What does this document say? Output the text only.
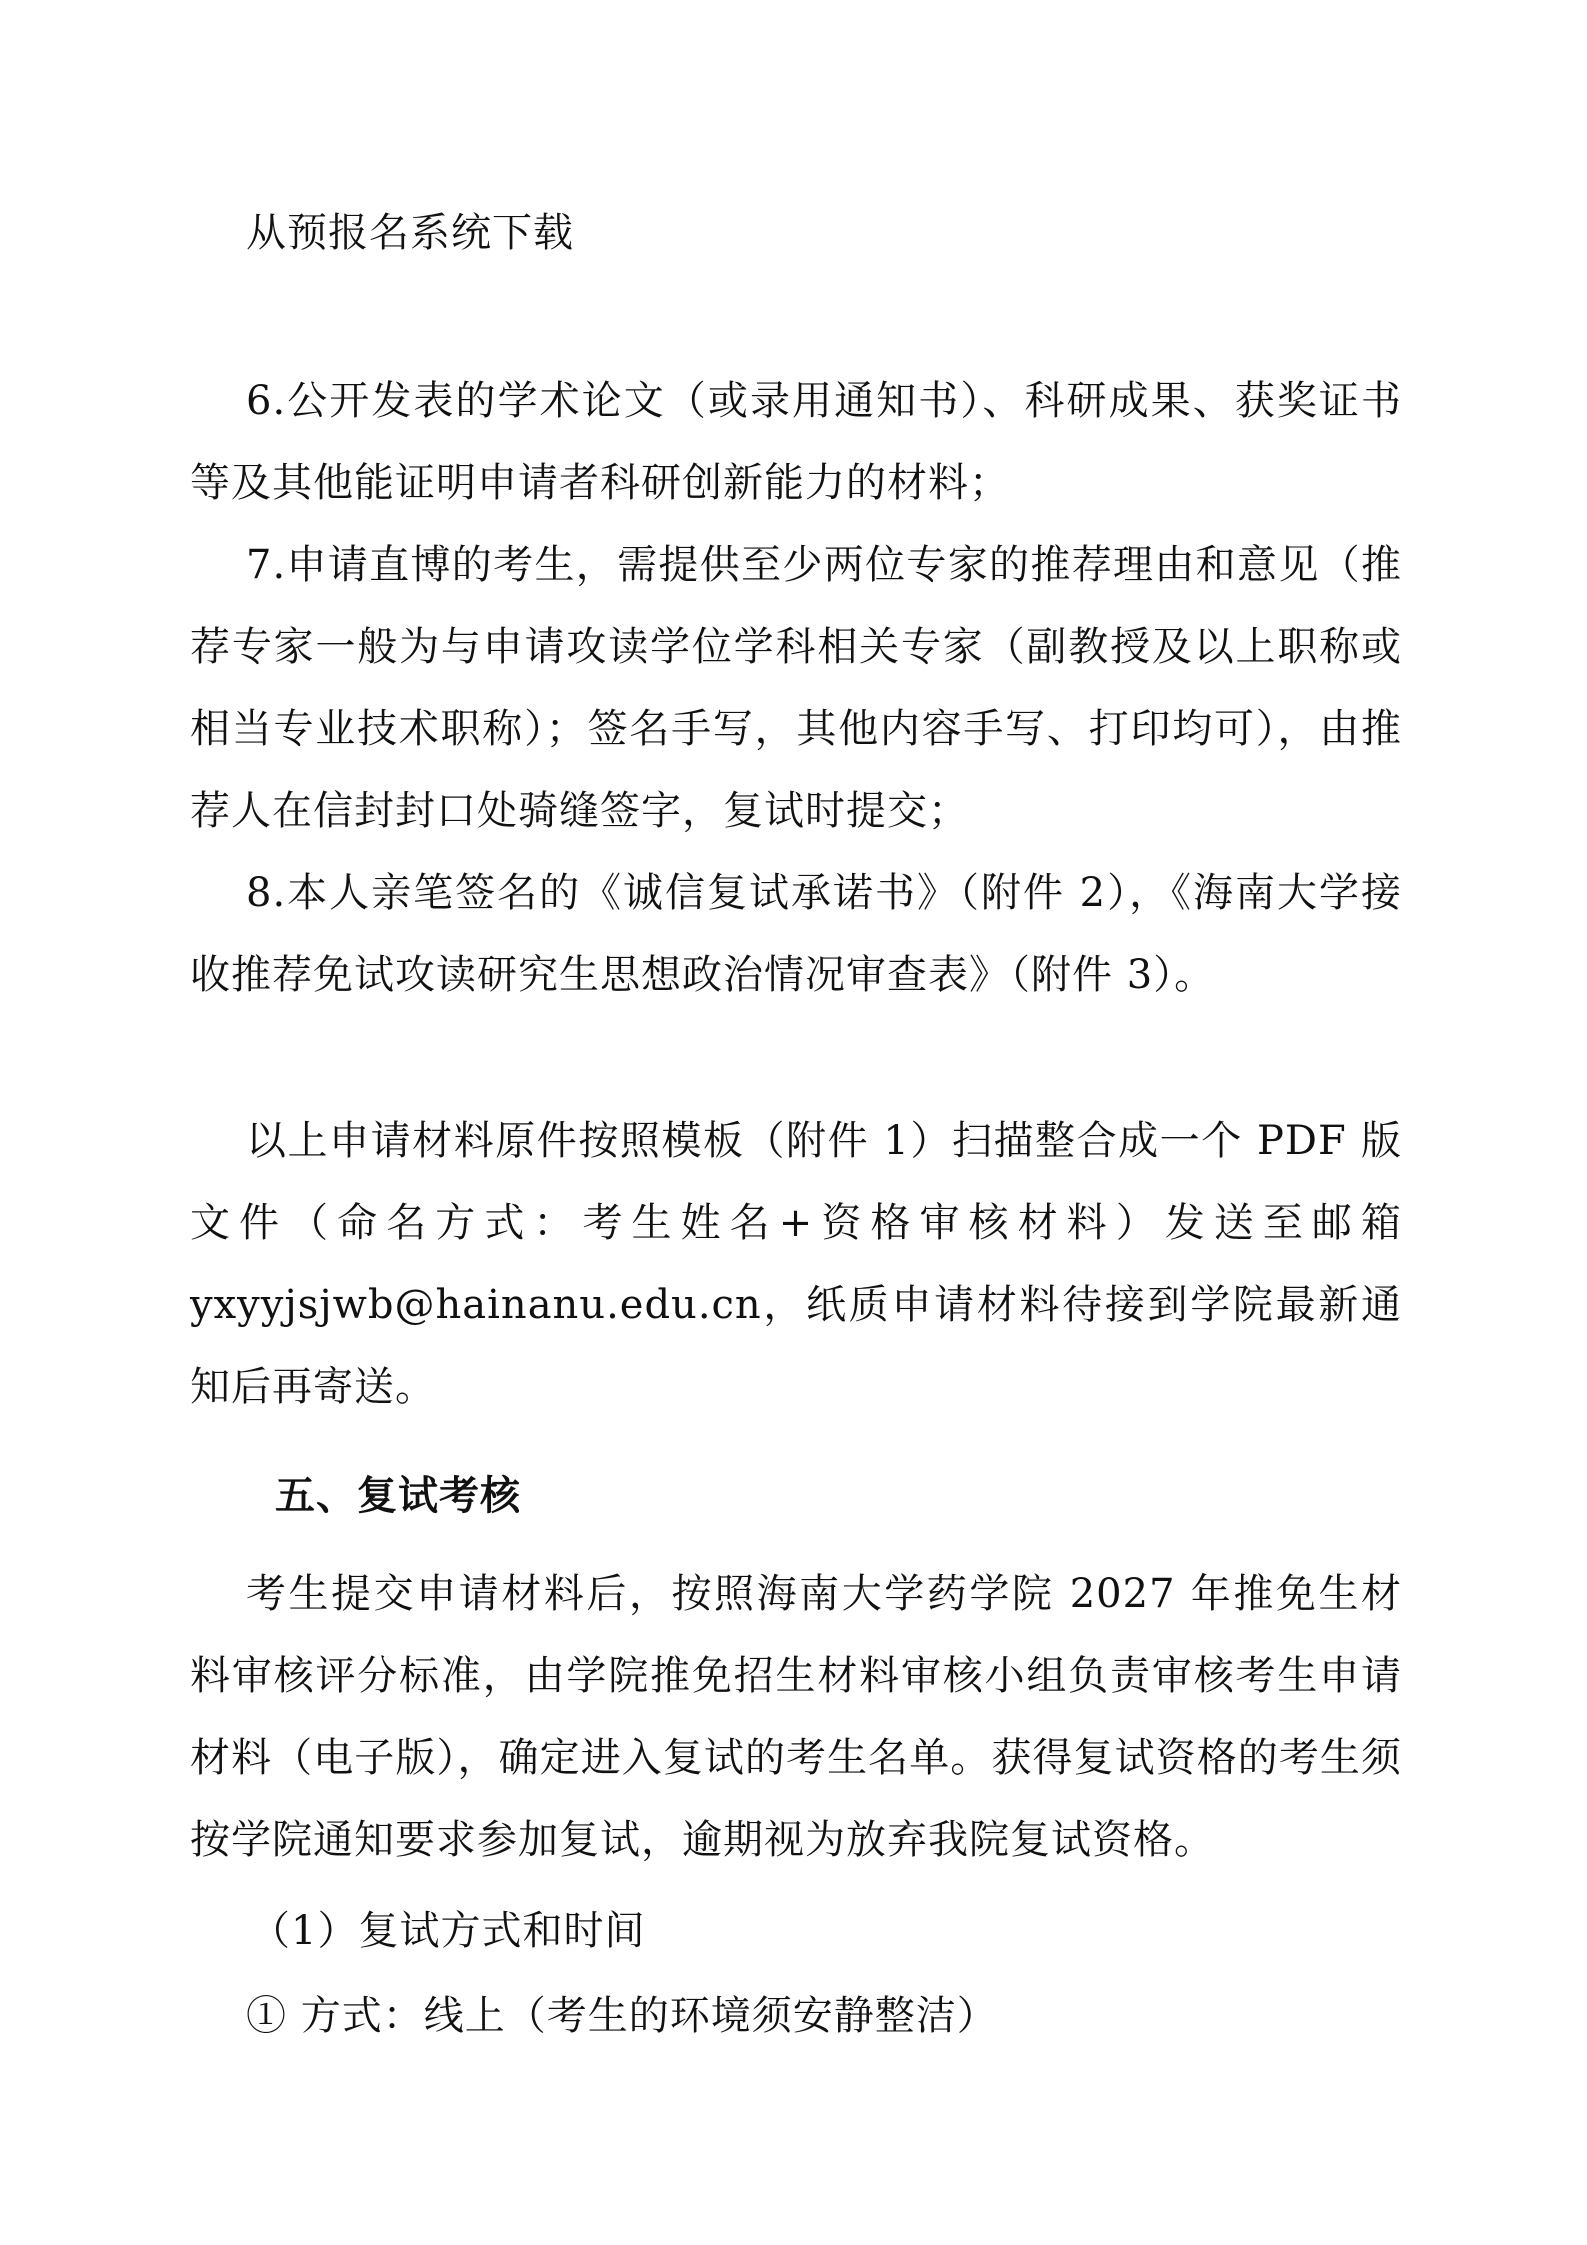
从预报名系统下载

6.公开发表的学术论文（或录用通知书）、科研成果、获奖证书等及其他能证明申请者科研创新能力的材料；

7.申请直博的考生，需提供至少两位专家的推荐理由和意见（推荐专家一般为与申请攻读学位学科相关专家（副教授及以上职称或相当专业技术职称）；签名手写，其他内容手写、打印均可），由推荐人在信封封口处骑缝签字，复试时提交；

8.本人亲笔签名的《诚信复试承诺书》（附件 2），《海南大学接收推荐免试攻读研究生思想政治情况审查表》（附件 3）。

以上申请材料原件按照模板（附件 1）扫描整合成一个 PDF 版文件（命名方式：考生姓名+资格审核材料）发送至邮箱yxyyjsjwb@hainanu.edu.cn，纸质申请材料待接到学院最新通知后再寄送。

五、复试考核

考生提交申请材料后，按照海南大学药学院 2027 年推免生材料审核评分标准，由学院推免招生材料审核小组负责审核考生申请材料（电子版），确定进入复试的考生名单。获得复试资格的考生须按学院通知要求参加复试，逾期视为放弃我院复试资格。

（1）复试方式和时间

① 方式：线上（考生的环境须安静整洁）
